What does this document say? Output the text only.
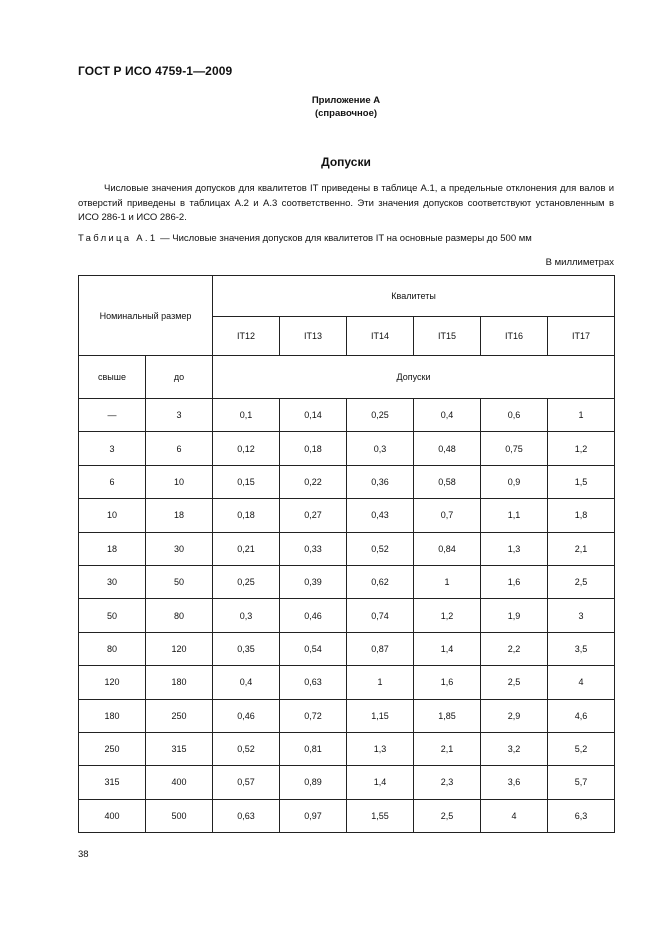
ГОСТ Р ИСО 4759-1—2009
Приложение А
(справочное)
Допуски

Числовые значения допусков для квалитетов IT приведены в таблице А.1, а предельные отклонения для валов и отверстий приведены в таблицах А.2 и А.3 соответственно. Эти значения допусков соответствуют установленным в ИСО 286-1 и ИСО 286-2.

Таблица А.1 — Числовые значения допусков для квалитетов IT на основные размеры до 500 мм
В миллиметрах
Номинальный размер		Квалитеты					
		IT12	IT13	IT14	IT15	IT16	IT17
свыше	до	Допуски					
—	3	0,1	0,14	0,25	0,4	0,6	1
3	6	0,12	0,18	0,3	0,48	0,75	1,2
6	10	0,15	0,22	0,36	0,58	0,9	1,5
10	18	0,18	0,27	0,43	0,7	1,1	1,8
18	30	0,21	0,33	0,52	0,84	1,3	2,1
30	50	0,25	0,39	0,62	1	1,6	2,5
50	80	0,3	0,46	0,74	1,2	1,9	3
80	120	0,35	0,54	0,87	1,4	2,2	3,5
120	180	0,4	0,63	1	1,6	2,5	4
180	250	0,46	0,72	1,15	1,85	2,9	4,6
250	315	0,52	0,81	1,3	2,1	3,2	5,2
315	400	0,57	0,89	1,4	2,3	3,6	5,7
400	500	0,63	0,97	1,55	2,5	4	6,3
38
